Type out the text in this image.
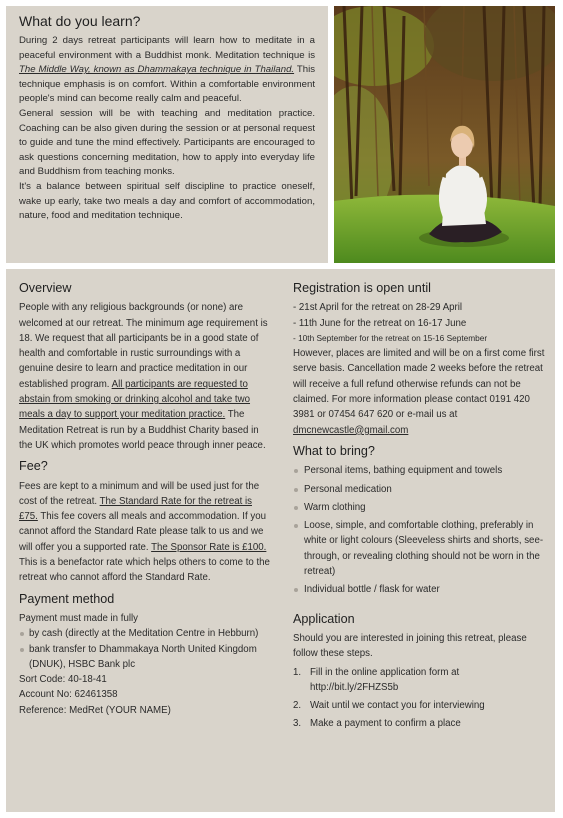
What do you learn?

During 2 days retreat participants will learn how to meditate in a peaceful environment with a Buddhist monk. Meditation technique is The Middle Way, known as Dhammakaya technique in Thailand. This technique emphasis is on comfort. Within a comfortable environment people's mind can become really calm and peaceful.

General session will be with teaching and meditation practice. Coaching can be also given during the session or at personal request to guide and tune the mind effectively. Participants are encouraged to ask questions concerning meditation, how to apply into everyday life and Buddhism from teaching monks.

It's a balance between spiritual self discipline to practice oneself, wake up early, take two meals a day and comfort of accommodation, nature, food and meditation technique.

Overview

People with any religious backgrounds (or none) are welcomed at our retreat. The minimum age requirement is 18. We request that all participants be in a good state of health and comfortable in rustic surroundings with a genuine desire to learn and practice meditation in our established program. All participants are requested to abstain from smoking or drinking alcohol and take two meals a day to support your meditation practice. The Meditation Retreat is run by a Buddhist Charity based in the UK which promotes world peace through inner peace.

Fee?

Fees are kept to a minimum and will be used just for the cost of the retreat. The Standard Rate for the retreat is £75. This fee covers all meals and accommodation. If you cannot afford the Standard Rate please talk to us and we will offer you a supported rate. The Sponsor Rate is £100. This is a benefactor rate which helps others to come to the retreat who cannot afford the Standard Rate.

Payment method

Payment must made in fully

by cash (directly at the Meditation Centre in Hebburn)
bank transfer to Dhammakaya North United Kingdom (DNUK), HSBC Bank plc

Sort Code: 40-18-41

Account No: 62461358

Reference: MedRet (YOUR NAME)

Registration is open until

- 21st April for the retreat on 28-29 April

- 11th June for the retreat on 16-17 June

- 10th September for the retreat on 15-16 September

However, places are limited and will be on a first come first serve basis. Cancellation made 2 weeks before the retreat will receive a full refund otherwise refunds can not be claimed. For more information please contact 0191 420 3981 or 07454 647 620 or e-mail us at

dmcnewcastle@gmail.com

What to bring?
Personal items, bathing equipment and towels
Personal medication
Warm clothing
Loose, simple, and comfortable clothing, preferably in white or light colours (Sleeveless shirts and shorts, see-through, or revealing clothing should not be worn in the retreat)
Individual bottle / flask for water
Application

Should you are interested in joining this retreat, please follow these steps.

1. Fill in the online application form at http://bit.ly/2FHZS5b
2. Wait until we contact you for interviewing
3. Make a payment to confirm a place
